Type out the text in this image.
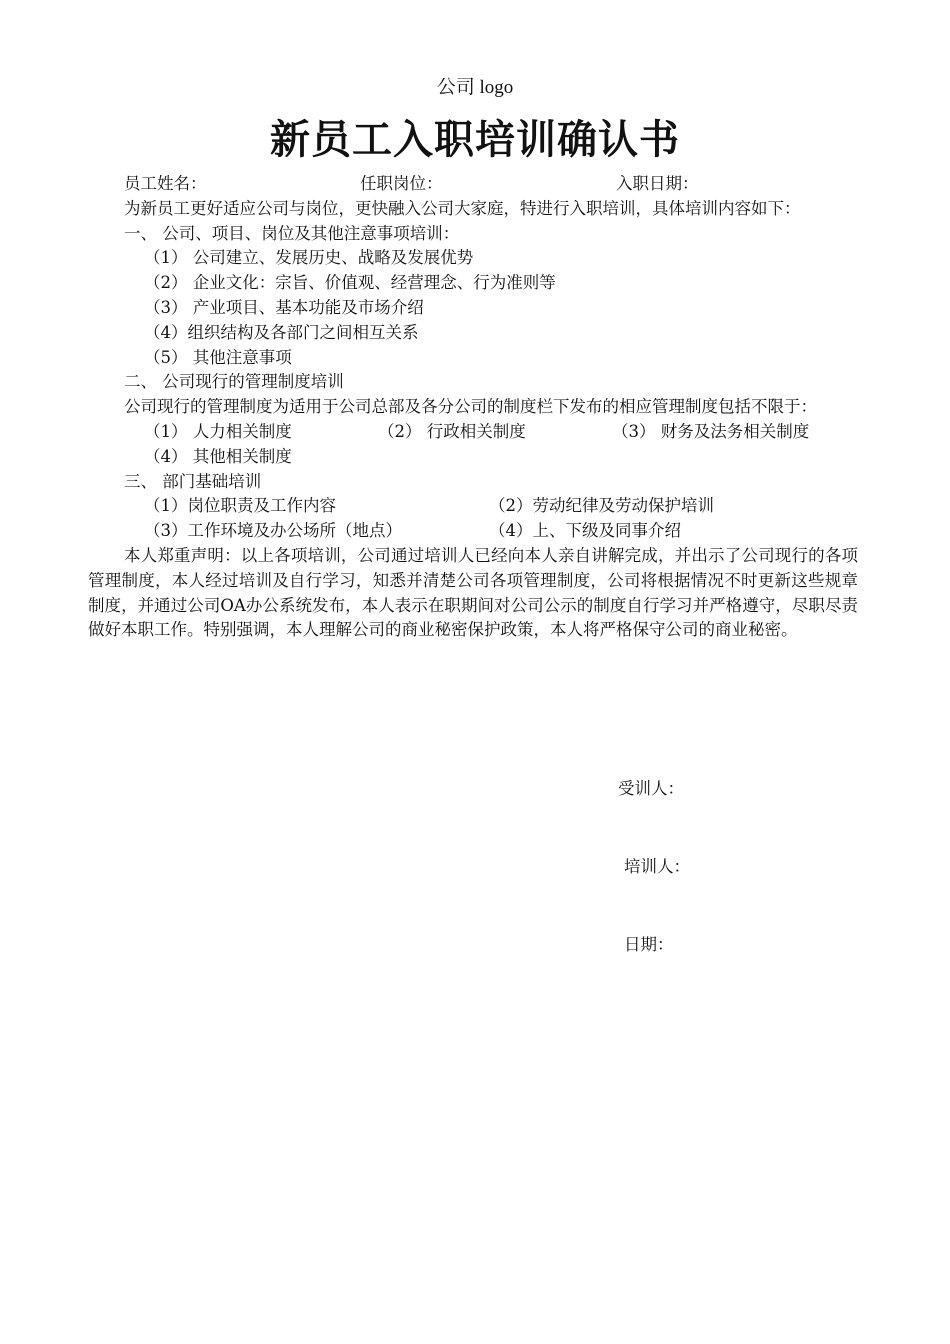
公司 logo
新员工入职培训确认书
员工姓名：	任职岗位：	入职日期：
为新员工更好适应公司与岗位，更快融入公司大家庭，特进行入职培训，具体培训内容如下：
一、 公司、项目、岗位及其他注意事项培训：
（1） 公司建立、发展历史、战略及发展优势
（2） 企业文化：宗旨、价值观、经营理念、行为准则等
（3） 产业项目、基本功能及市场介绍
（4）组织结构及各部门之间相互关系
（5） 其他注意事项
二、 公司现行的管理制度培训
公司现行的管理制度为适用于公司总部及各分公司的制度栏下发布的相应管理制度包括不限于：
（1） 人力相关制度	（2） 行政相关制度	（3） 财务及法务相关制度
（4） 其他相关制度
三、 部门基础培训
（1）岗位职责及工作内容	（2）劳动纪律及劳动保护培训
（3）工作环境及办公场所（地点）	（4）上、下级及同事介绍
本人郑重声明：以上各项培训，公司通过培训人已经向本人亲自讲解完成，并出示了公司现行的各项管理制度，本人经过培训及自行学习，知悉并清楚公司各项管理制度，公司将根据情况不时更新这些规章制度，并通过公司OA办公系统发布，本人表示在职期间对公司公示的制度自行学习并严格遵守，尽职尽责做好本职工作。特别强调，本人理解公司的商业秘密保护政策，本人将严格保守公司的商业秘密。
受训人：
培训人：
日期：
